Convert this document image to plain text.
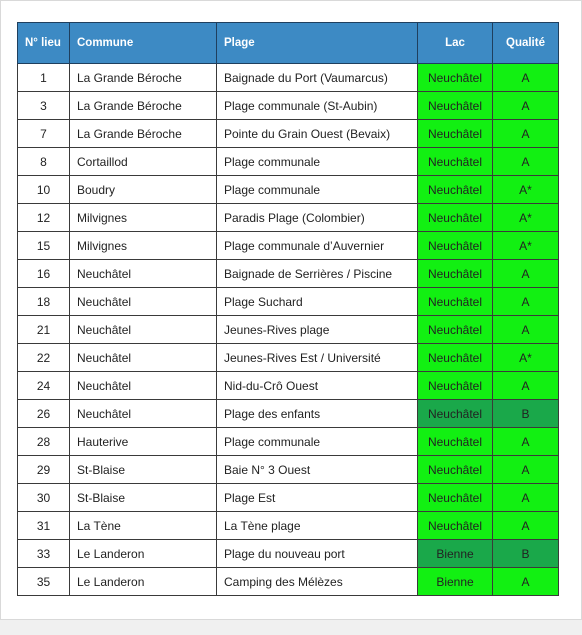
N° lieu	Commune	Plage	Lac	Qualité
1	La Grande Béroche	Baignade du Port (Vaumarcus)	Neuchâtel	A
3	La Grande Béroche	Plage communale (St-Aubin)	Neuchâtel	A
7	La Grande Béroche	Pointe du Grain Ouest (Bevaix)	Neuchâtel	A
8	Cortaillod	Plage communale	Neuchâtel	A
10	Boudry	Plage communale	Neuchâtel	A*
12	Milvignes	Paradis Plage (Colombier)	Neuchâtel	A*
15	Milvignes	Plage communale d’Auvernier	Neuchâtel	A*
16	Neuchâtel	Baignade de Serrières / Piscine	Neuchâtel	A
18	Neuchâtel	Plage Suchard	Neuchâtel	A
21	Neuchâtel	Jeunes-Rives plage	Neuchâtel	A
22	Neuchâtel	Jeunes-Rives Est / Université	Neuchâtel	A*
24	Neuchâtel	Nid-du-Crô Ouest	Neuchâtel	A
26	Neuchâtel	Plage des enfants	Neuchâtel	B
28	Hauterive	Plage communale	Neuchâtel	A
29	St-Blaise	Baie N° 3 Ouest	Neuchâtel	A
30	St-Blaise	Plage Est	Neuchâtel	A
31	La Tène	La Tène plage	Neuchâtel	A
33	Le Landeron	Plage du nouveau port	Bienne	B
35	Le Landeron	Camping des Mélèzes	Bienne	A
